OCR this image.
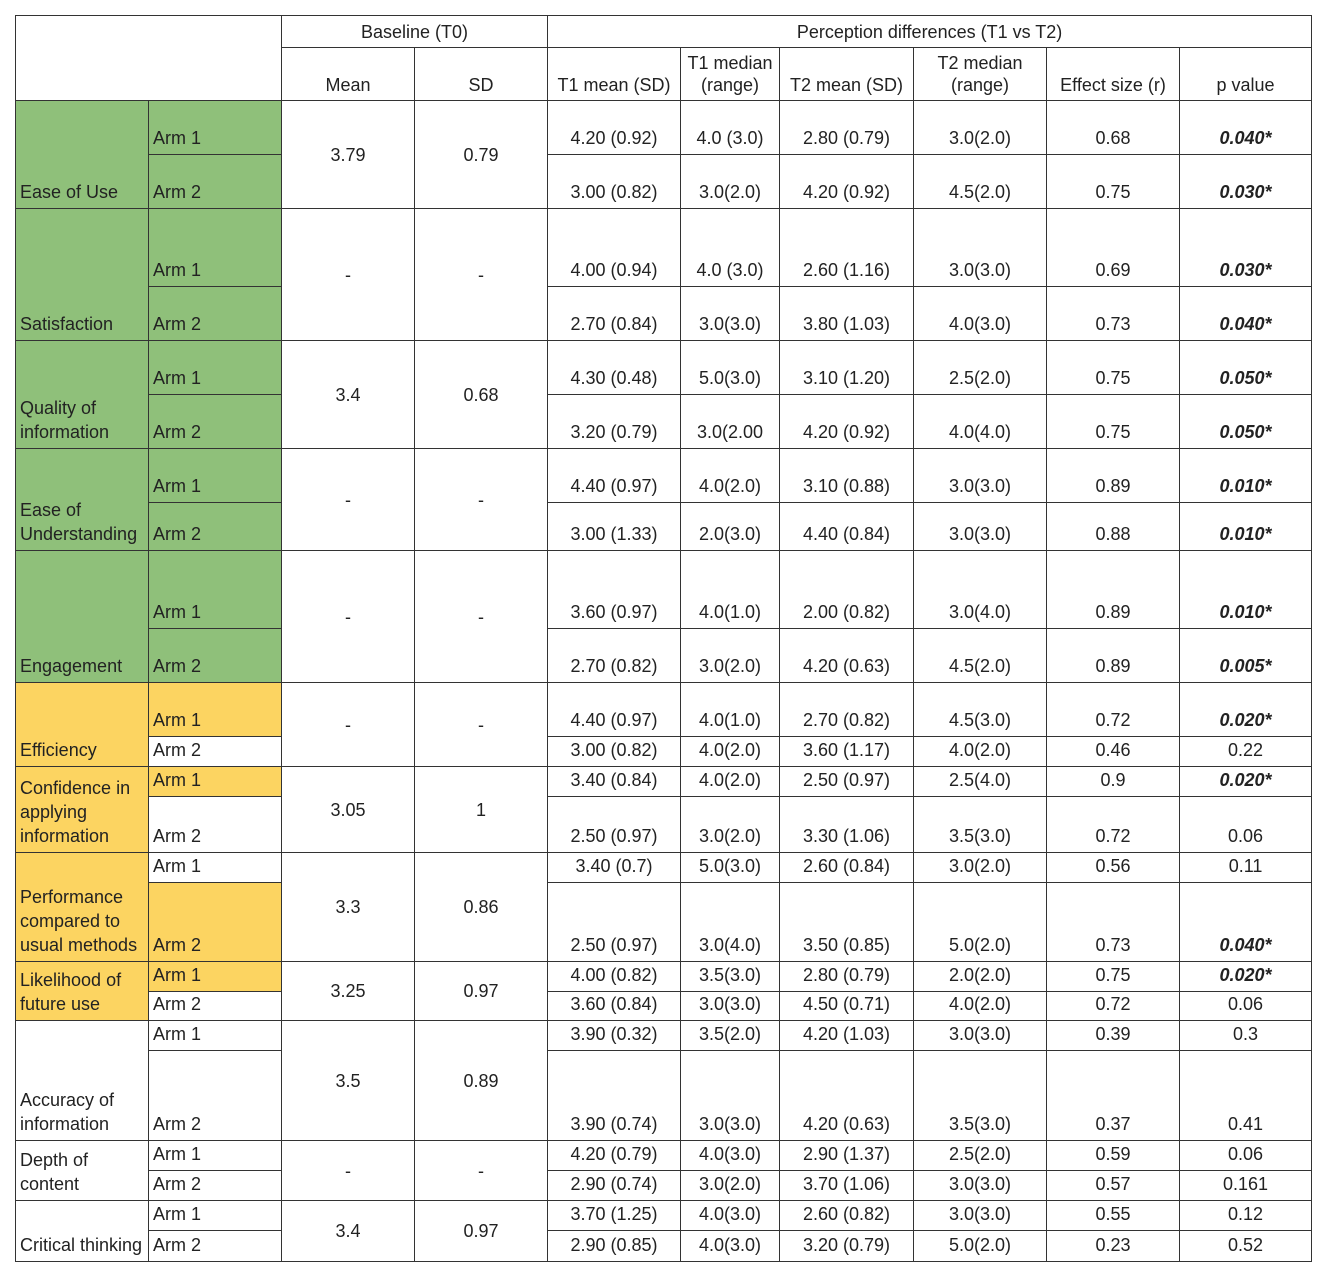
		Baseline (T0)		Perception differences (T1 vs T2)					
		Mean	SD	T1 mean (SD)	T1 median (range)	T2 mean (SD)	T2 median (range)	Effect size (r)	p value
Ease of Use	Arm 1	3.79	0.79	4.20 (0.92)	4.0 (3.0)	2.80 (0.79)	3.0(2.0)	0.68	0.040*
	Arm 2			3.00 (0.82)	3.0(2.0)	4.20 (0.92)	4.5(2.0)	0.75	0.030*
Satisfaction	Arm 1	-	-	4.00 (0.94)	4.0 (3.0)	2.60 (1.16)	3.0(3.0)	0.69	0.030*
	Arm 2			2.70 (0.84)	3.0(3.0)	3.80 (1.03)	4.0(3.0)	0.73	0.040*
Quality of information	Arm 1	3.4	0.68	4.30 (0.48)	5.0(3.0)	3.10 (1.20)	2.5(2.0)	0.75	0.050*
	Arm 2			3.20 (0.79)	3.0(2.00	4.20 (0.92)	4.0(4.0)	0.75	0.050*
Ease of Understanding	Arm 1	-	-	4.40 (0.97)	4.0(2.0)	3.10 (0.88)	3.0(3.0)	0.89	0.010*
	Arm 2			3.00 (1.33)	2.0(3.0)	4.40 (0.84)	3.0(3.0)	0.88	0.010*
Engagement	Arm 1	-	-	3.60 (0.97)	4.0(1.0)	2.00 (0.82)	3.0(4.0)	0.89	0.010*
	Arm 2			2.70 (0.82)	3.0(2.0)	4.20 (0.63)	4.5(2.0)	0.89	0.005*
Efficiency	Arm 1	-	-	4.40 (0.97)	4.0(1.0)	2.70 (0.82)	4.5(3.0)	0.72	0.020*
	Arm 2			3.00 (0.82)	4.0(2.0)	3.60 (1.17)	4.0(2.0)	0.46	0.22
Confidence in applying information	Arm 1	3.05	1	3.40 (0.84)	4.0(2.0)	2.50 (0.97)	2.5(4.0)	0.9	0.020*
	Arm 2			2.50 (0.97)	3.0(2.0)	3.30 (1.06)	3.5(3.0)	0.72	0.06
Performance compared to usual methods	Arm 1	3.3	0.86	3.40 (0.7)	5.0(3.0)	2.60 (0.84)	3.0(2.0)	0.56	0.11
	Arm 2			2.50 (0.97)	3.0(4.0)	3.50 (0.85)	5.0(2.0)	0.73	0.040*
Likelihood of future use	Arm 1	3.25	0.97	4.00 (0.82)	3.5(3.0)	2.80 (0.79)	2.0(2.0)	0.75	0.020*
	Arm 2			3.60 (0.84)	3.0(3.0)	4.50 (0.71)	4.0(2.0)	0.72	0.06
Accuracy of information	Arm 1	3.5	0.89	3.90 (0.32)	3.5(2.0)	4.20 (1.03)	3.0(3.0)	0.39	0.3
	Arm 2			3.90 (0.74)	3.0(3.0)	4.20 (0.63)	3.5(3.0)	0.37	0.41
Depth of content	Arm 1	-	-	4.20 (0.79)	4.0(3.0)	2.90 (1.37)	2.5(2.0)	0.59	0.06
	Arm 2			2.90 (0.74)	3.0(2.0)	3.70 (1.06)	3.0(3.0)	0.57	0.161
Critical thinking	Arm 1	3.4	0.97	3.70 (1.25)	4.0(3.0)	2.60 (0.82)	3.0(3.0)	0.55	0.12
	Arm 2			2.90 (0.85)	4.0(3.0)	3.20 (0.79)	5.0(2.0)	0.23	0.52
